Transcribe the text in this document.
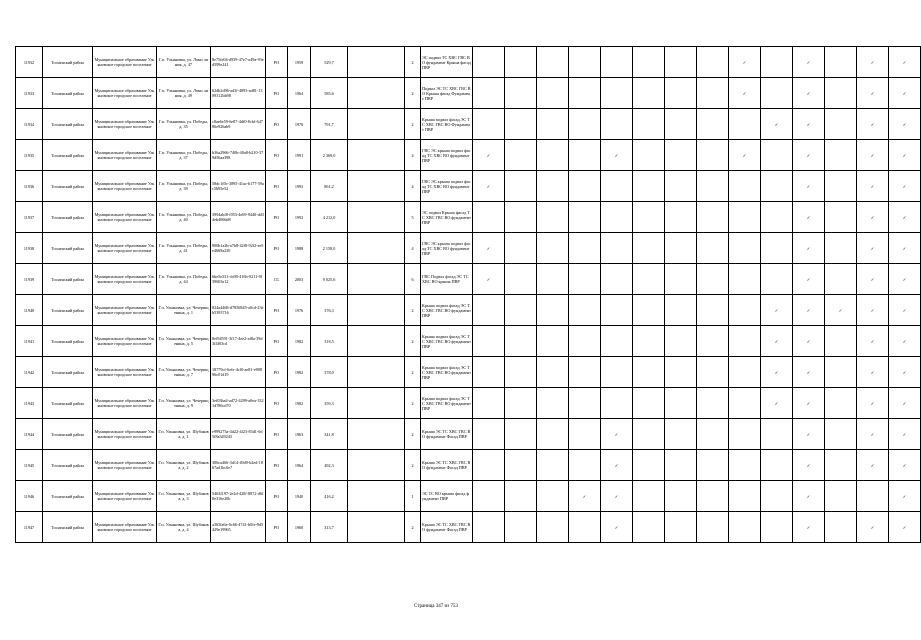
11932	Тосненский район	Муниципальное образование Ульяновское городское поселение	Г.п. Ульяновка, ул. Ломо линия, д. 47	8e75fe04-d939-47e7-a49a-93ed599e241	РО	1959	529,7		2	ЭС подвал ТС ХВС ГВС ВО фундамент Крыша фасад ПВР									✓		✓		✓	✓
11933	Тосненский район	Муниципальное образование Ульяновское городское поселение	Г.п. Ульяновка, ул. Ломо линия, д. 49	62db2d96-ad3f-4893-ad81-1309312bb98	РО	1964	585,6		2	Подвал ЭС ТС ХВС ГВС ВО Крыша фасад Фундамент ПВР									✓		✓		✓	✓
11934	Тосненский район	Муниципальное образование Ульяновское городское поселение	Г.п. Ульяновка, ул. Победы, д. 35	c8ae6e59-6e87-4df0-8cbf-64786e926ab9	РО	1970	791,7		2	Крыша подвал фасад ЭС ТС ХВС ГВС ВО Фундамент ПВР										✓	✓		✓	✓
11935	Тосненский район	Муниципальное образование Ульяновское городское поселение	Г.п. Ульяновка, ул. Победы, д. 37	b36a2966-740b-40a8-b210-379d56aa398	РО	1991	2 369,0		4	ГВС ЭС крыша подвал фасад ТС ХВС ВО фундамент ПВР	✓				✓				✓		✓		✓	✓
11936	Тосненский район	Муниципальное образование Ульяновское городское поселение	Г.п. Ульяновка, ул. Победы, д. 39	58dc1f0c-3895-41ac-b177-59ac5b95e52	РО	1993	861,2		4	ГВС ЭС крыша подвал фасад ТС ХВС ВО фундамент ПВР	✓										✓		✓	✓
11937	Тосненский район	Муниципальное образование Ульяновское городское поселение	Г.п. Ульяновка, ул. Победы, д. 40	3994abf8-f053-4e69-9440-dd34eb4066d8	РО	1992	4 212,0		5	ЭС подвал Крыша фасад ТС ХВС ГВС ВО фундамент ПВР											✓		✓	✓
11938	Тосненский район	Муниципальное образование Ульяновское городское поселение	Г.п. Ульяновка, ул. Победы, д. 41	900b1a2b-a7b8-42f8-92f2-ee5e4669a230	РО	1988	2 158,0		4	ГВС ЭС крыша подвал фасад ТС ХВС ВО фундамент ПВР	✓										✓		✓	✓
11939	Тосненский район	Муниципальное образование Ульяновское городское поселение	Г.п. Ульяновка, ул. Победы, д. 44	6be5e331-cb90-416b-9211-9f39603e12	СС	2003	9 025,6		6	ГВС Подвал фасад ЭС ТС ХВС ВО крыша ПВР	✓										✓		✓	✓
11940	Тосненский район	Муниципальное образование Ульяновское городское поселение	Г.п. Ульяновка, ул. Чечерищенина, д. 1	824a4468-d7856845-a0cd-23eb5393716	РО	1976	376,3		2	Крыша подвал фасад ЭС ТС ХВС ГВС ВО фундамент ПВР										✓	✓	✓	✓	✓
11941	Тосненский район	Муниципальное образование Ульяновское городское поселение	Г.п. Ульяновка, ул. Чечерищенина, д. 5	8ef94591-3f17-4ee2-af8a-39d3f4f03cd	РО	1982	318,5		2	Крыша подвал фасад ЭС ТС ХВС ГВС ВО фундамент ПВР										✓	✓		✓	✓
11942	Тосненский район	Муниципальное образование Ульяновское городское поселение	Г.п. Ульяновка, ул. Чечерищенина, д. 7	18779cf-6efe-4cf0-ae81-e90896c01d19	РО	1982	378,0		2	Крыша подвал фасад ЭС ТС ХВС ГВС ВО фундамент ПВР										✓	✓		✓	✓
11943	Тосненский район	Муниципальное образование Ульяновское городское поселение	Г.п. Ульяновка, ул. Чечерищенина, д. 9	3ef03ba4-ad72-4299-a0ea-3321d786cd70	РО	1982	359,3		2	Крыша подвал фасад ЭС ТС ХВС ГВС ВО фундамент ПВР										✓	✓		✓	✓
11944	Тосненский район	Муниципальное образование Ульяновское городское поселение	Г.п. Ульяновка, ул. Шубакова, д. 1	e999275a-4d22-4f23-83d1-0d5f8a349243	РО	1963	341,8		2	Крыша ЭС ТС ХВС ГВС ВО фундамент Фасад ПВР					✓						✓		✓	✓
11945	Тосненский район	Муниципальное образование Ульяновское городское поселение	Г.п. Ульяновка, ул. Шубакова, д. 2	306ca466-3d14-49d9-b2ed-1867ad1bc0e7	РО	1964	492,3		2	Крыша ЭС ТС ХВС ГВС ВО фундамент Фасад ПВР					✓						✓		✓	✓
11946	Тосненский район	Муниципальное образование Ульяновское городское поселение	Г.п. Ульяновка, ул. Шубакова, д. 3	5463f197-2e2d-420f-8872-d6f0e316e20b	РО	1940	416,2		1	ЭС ТС ВО крыша фасад фундамент ПВР				✓	✓						✓			✓
11947	Тосненский район	Муниципальное образование Ульяновское городское поселение	Г.п. Ульяновка, ул. Шубакова, д. 4	a303fa6a-0c66-4741-b0fe-9d5429e19965	РО	1960	313,7		2	Крыша ЭС ТС ХВС ГВС ВО фундамент Фасад ПВР					✓						✓		✓	✓
Страница 347 из 753
